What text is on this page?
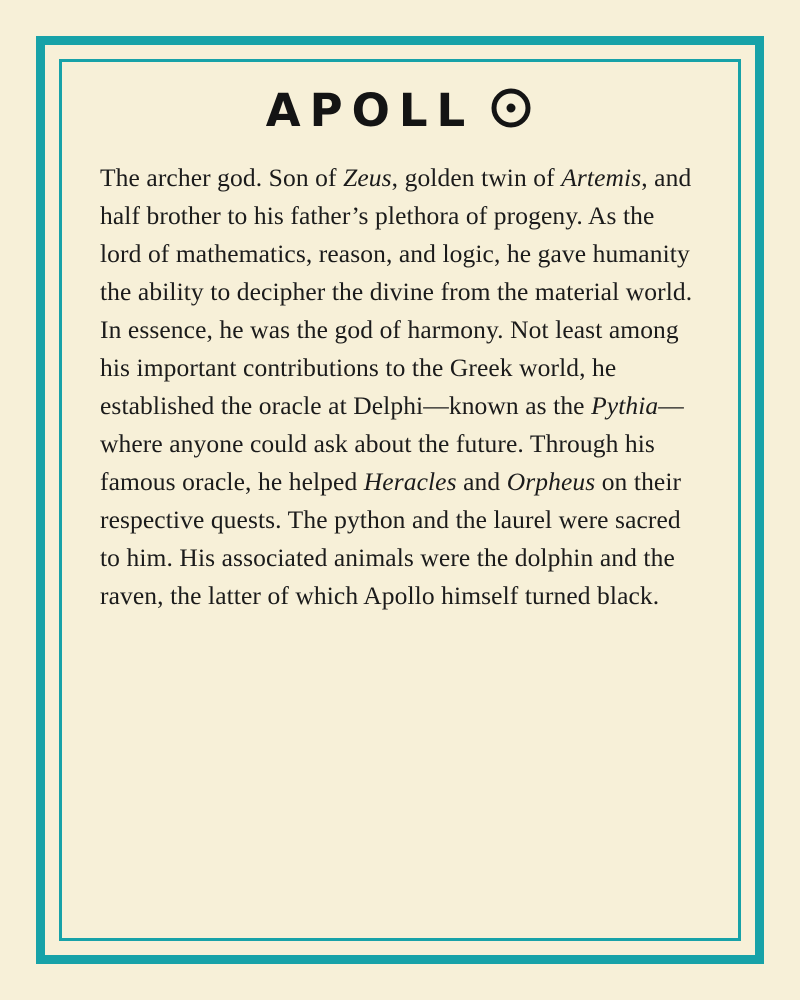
APOLL
The archer god. Son of Zeus, golden twin of Artemis, and half brother to his father’s plethora of progeny. As the lord of mathematics, reason, and logic, he gave humanity the ability to decipher the divine from the material world. In essence, he was the god of harmony. Not least among his important contributions to the Greek world, he established the oracle at Delphi—known as the Pythia—where anyone could ask about the future. Through his famous oracle, he helped Heracles and Orpheus on their respective quests. The python and the laurel were sacred to him. His associated animals were the dolphin and the raven, the latter of which Apollo himself turned black.
